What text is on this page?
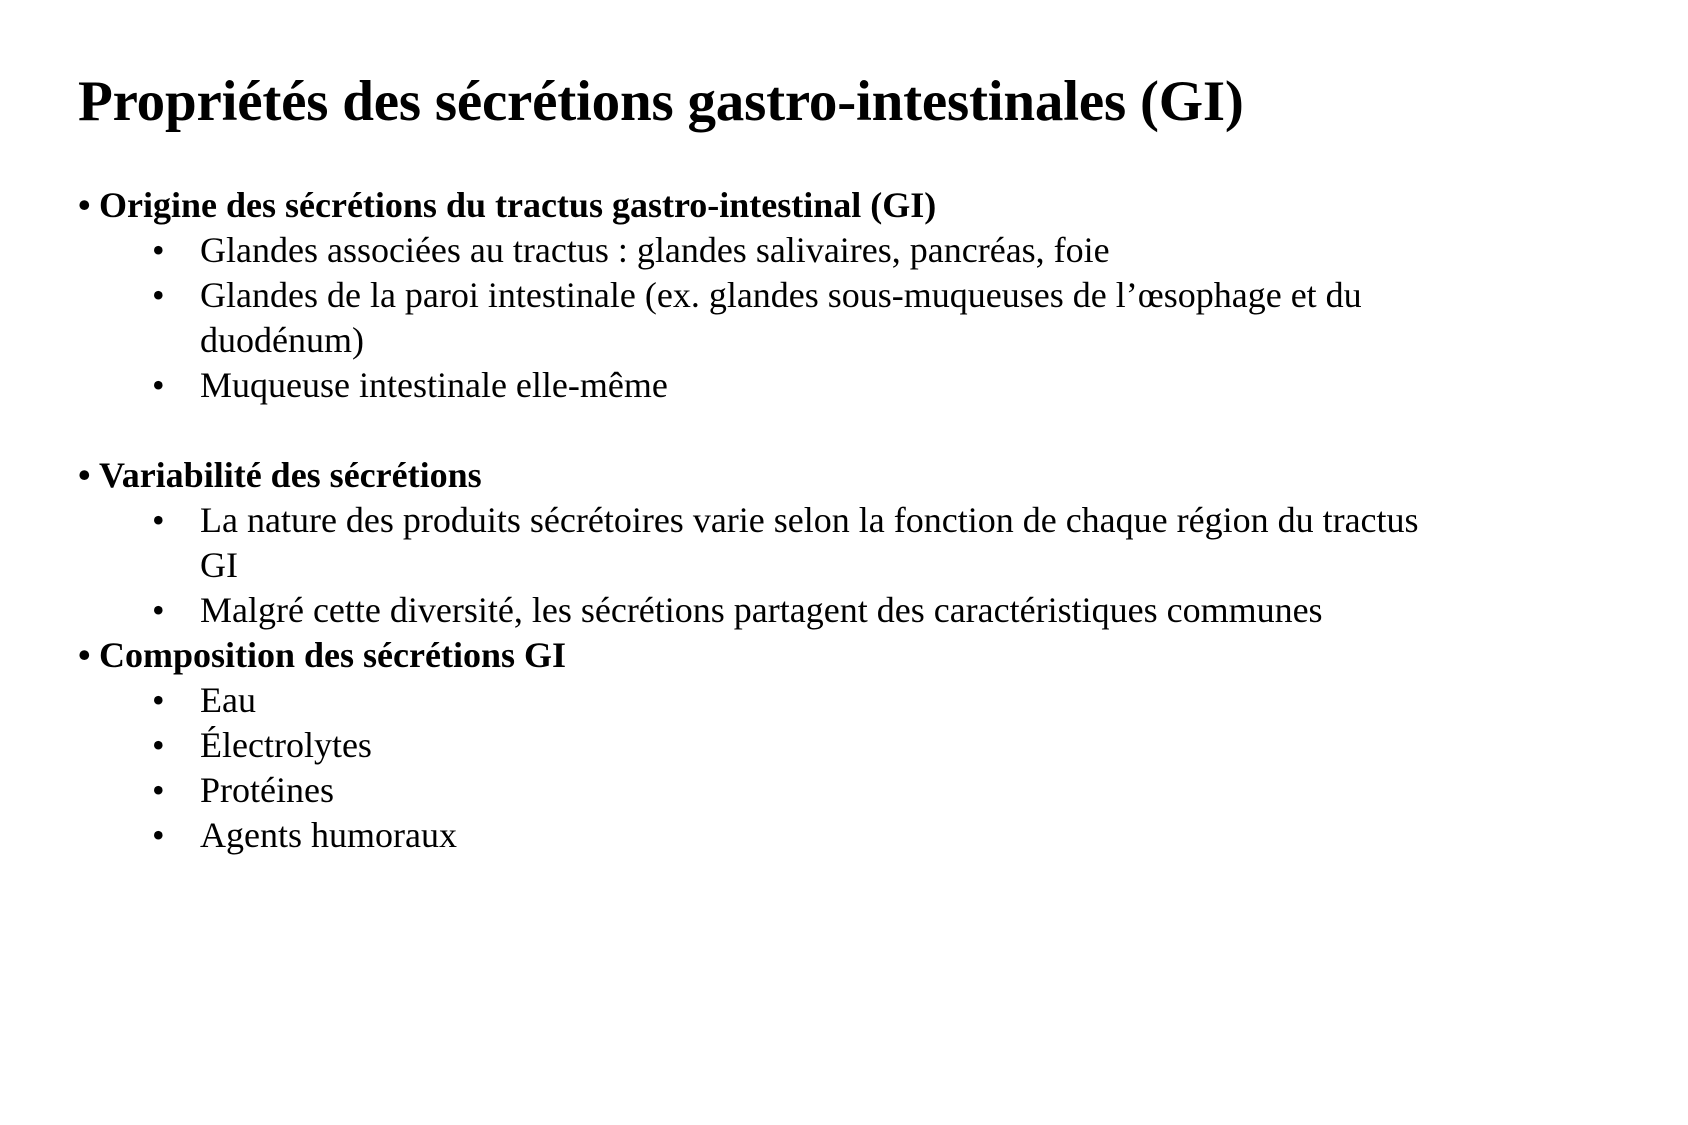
Propriétés des sécrétions gastro-intestinales (GI)
• Origine des sécrétions du tractus gastro-intestinal (GI)
• Glandes associées au tractus : glandes salivaires, pancréas, foie
• Glandes de la paroi intestinale (ex. glandes sous-muqueuses de l’œsophage et du duodénum)
• Muqueuse intestinale elle-même
• Variabilité des sécrétions
• La nature des produits sécrétoires varie selon la fonction de chaque région du tractus GI
• Malgré cette diversité, les sécrétions partagent des caractéristiques communes
• Composition des sécrétions GI
• Eau
• Électrolytes
• Protéines
• Agents humoraux
